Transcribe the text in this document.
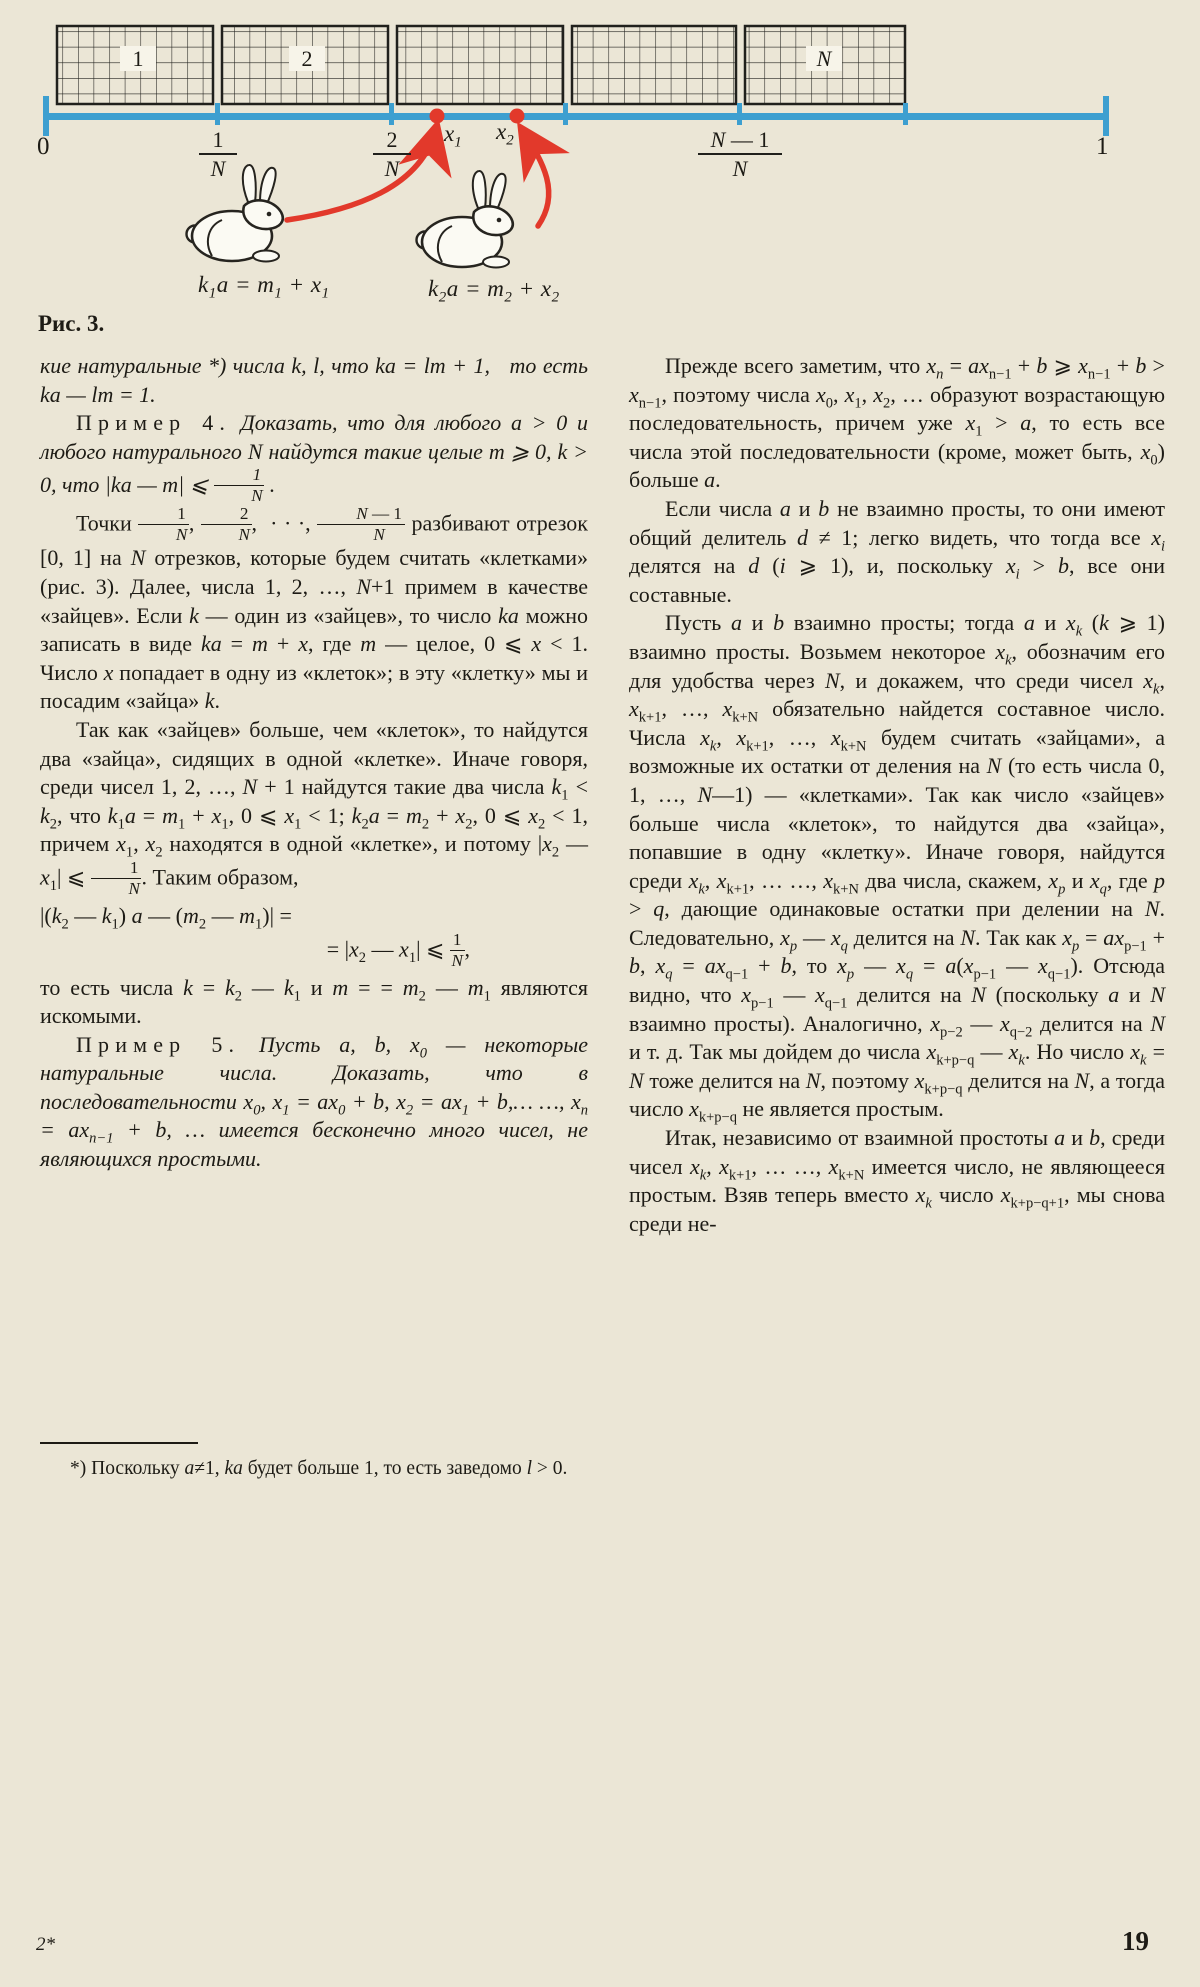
1	2	N
0	1
1
N
2
N
N — 1
N
$x_1$ $x_2$
$k_1a = m_1 + x_1$	$k_2a = m_2 + x_2$
Рис. 3.

кие натуральные *) числа k, l, что ka = lm + 1,   то есть ka — lm = 1.

Пример 4. Доказать, что для любого a > 0 и любого натурального N найдутся такие целые m ⩾ 0, k > 0, что |ka — m| ⩽ $\frac{1}{N}$ .

Точки $\frac{1}{N}$ , $\frac{2}{N}$ ,  · · ·, $\frac{N — 1}{N}$ разбивают отрезок [0, 1] на N отрезков, которые будем считать «клетками» (рис. 3). Далее, числа 1, 2, …, N+1 примем в качестве «зайцев». Если k — один из «зайцев», то число ka можно записать в виде ka = m + x, где m — целое, 0 ⩽ x < 1. Число x попадает в одну из «клеток»; в эту «клетку» мы и посадим «зайца» k.

Так как «зайцев» больше, чем «клеток», то найдутся два «зайца», сидящих в одной «клетке». Иначе говоря, среди чисел 1, 2, …, N + 1 найдутся такие два числа $k_1 < k_2$, что $k_1a = m_1 + x_1$, 0 ⩽ $x_1 < 1$; $k_2a = m_2 + x_2$, 0 ⩽ $x_2 < 1$, причем $x_1$, $x_2$ находятся в одной «клетке», и потому $|x_2$ — $x_1|$ ⩽ $\frac{1}{N}$ . Таким образом,

$|(k_2$ — $k_1$) a — ($m_2$ — $m_1)|$ =

= $|x_2$ — $x_1|$ ⩽ $\frac{1}{N}$ ,

то есть числа $k = k_2$ — $k_1$ и m = = $m_2$ — $m_1$ являются искомыми.

Пример 5. Пусть a, b, $x_0$ — некоторые натуральные числа. Доказать, что в последовательности $x_0$, $x_1 = ax_0 + b$, $x_2 = ax_1$ + b,… …, $x_n = ax_{n-1} + b$, … имеется бесконечно много чисел, не являющихся простыми.

Прежде всего заметим, что $x_n = ax_{n-1} + b$ ⩾ $x_{n-1} + b > x_{n-1}$, поэтому числа $x_0$, $x_1$, $x_2$, … образуют возрастающую последовательность, причем уже $x_1 > a$, то есть все числа этой последовательности (кроме, может быть, $x_0$) больше a.

Если числа a и b не взаимно просты, то они имеют общий делитель d ≠ 1; легко видеть, что тогда все $x_i$ делятся на d (i ⩾ 1), и, поскольку $x_i > b$, все они составные.

Пусть a и b взаимно просты; тогда a и $x_k$ (k ⩾ 1) взаимно просты. Возьмем некоторое $x_k$, обозначим его для удобства через N, и докажем, что среди чисел $x_k$, $x_{k+1}$, …, $x_{k+N}$ обязательно найдется составное число. Числа $x_k$, $x_{k+1}$, …, $x_{k+N}$ будем считать «зайцами», а возможные их остатки от деления на N (то есть числа 0, 1, …, N—1) — «клетками». Так как число «зайцев» больше числа «клеток», то найдутся два «зайца», попавшие в одну «клетку». Иначе говоря, найдутся среди $x_k$, $x_{k+1}$, … …, $x_{k+N}$ два числа, скажем, $x_p$ и $x_q$, где p > q, дающие одинаковые остатки при делении на N. Следовательно, $x_p$ — $x_q$ делится на N. Так как $x_p = ax_{p-1} + b$, $x_q = ax_{q-1} + b$, то $x_p$ — $x_q = a(x_{p-1}$ — $x_{q-1}$). Отсюда видно, что $x_{p-1}$ — $x_{q-1}$ делится на N (поскольку a и N взаимно просты). Аналогично, $x_{p-2}$ — $x_{q-2}$ делится на N и т. д. Так мы дойдем до числа $x_{k+p-q}$ — $x_k$. Но число $x_k = N$ тоже делится на N, поэтому $x_{k+p-q}$ делится на N, а тогда число $x_{k+p-q}$ не является простым.

Итак, независимо от взаимной простоты a и b, среди чисел $x_k$, $x_{k+1}$, … …, $x_{k+N}$ имеется число, не являющееся простым. Взяв теперь вместо $x_k$ число $x_{k+p-q+1}$, мы снова среди не-

*) Поскольку a≠1, ka будет больше 1, то есть заведомо l > 0.

2*	19
